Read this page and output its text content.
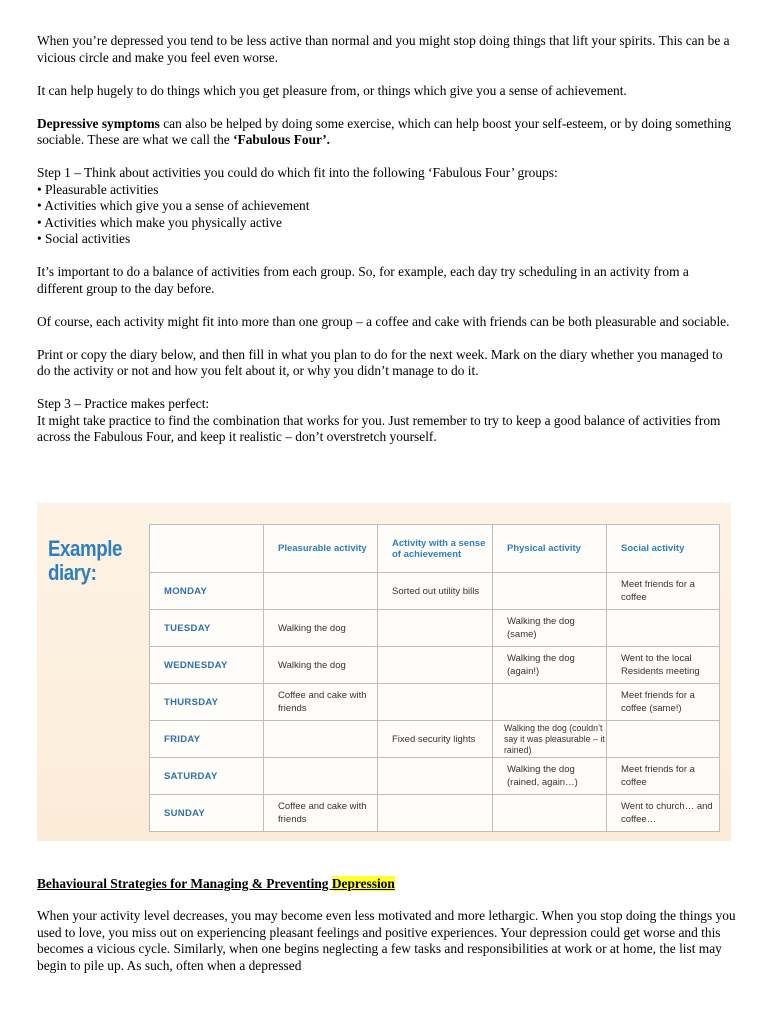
When you’re depressed you tend to be less active than normal and you might stop doing things that lift your spirits. This can be a vicious circle and make you feel even worse.

It can help hugely to do things which you get pleasure from, or things which give you a sense of achievement.

Depressive symptoms can also be helped by doing some exercise, which can help boost your self-esteem, or by doing something sociable. These are what we call the ‘Fabulous Four’.

Step 1 – Think about activities you could do which fit into the following ‘Fabulous Four’ groups:

• Pleasurable activities

• Activities which give you a sense of achievement

• Activities which make you physically active

• Social activities

It’s important to do a balance of activities from each group. So, for example, each day try scheduling in an activity from a

different group to the day before.

Of course, each activity might fit into more than one group – a coffee and cake with friends can be both pleasurable and sociable.

Print or copy the diary below, and then fill in what you plan to do for the next week. Mark on the diary whether you managed to do the activity or not and how you felt about it, or why you didn’t manage to do it.

Step 3 – Practice makes perfect:

It might take practice to find the combination that works for you. Just remember to try to keep a good balance of activities from across the Fabulous Four, and keep it realistic – don’t overstretch yourself.

Example
diary:
	Pleasurable activity	Activity with a sense of achievement	Physical activity	Social activity
MONDAY		Sorted out utility bills		Meet friends for a coffee
TUESDAY	Walking the dog		Walking the dog (same)	
WEDNESDAY	Walking the dog		Walking the dog (again!)	Went to the local Residents meeting
THURSDAY	Coffee and cake with friends			Meet friends for a coffee (same!)
FRIDAY		Fixed security lights	Walking the dog (couldn’t say it was pleasurable – it rained)	
SATURDAY			Walking the dog (rained, again…)	Meet friends for a coffee
SUNDAY	Coffee and cake with friends			Went to church… and coffee…
Behavioural Strategies for Managing & Preventing Depression

When your activity level decreases, you may become even less motivated and more lethargic. When you stop doing the things you used to love, you miss out on experiencing pleasant feelings and positive experiences. Your depression could get worse and this becomes a vicious cycle. Similarly, when one begins neglecting a few tasks and responsibilities at work or at home, the list may begin to pile up. As such, often when a depressed
